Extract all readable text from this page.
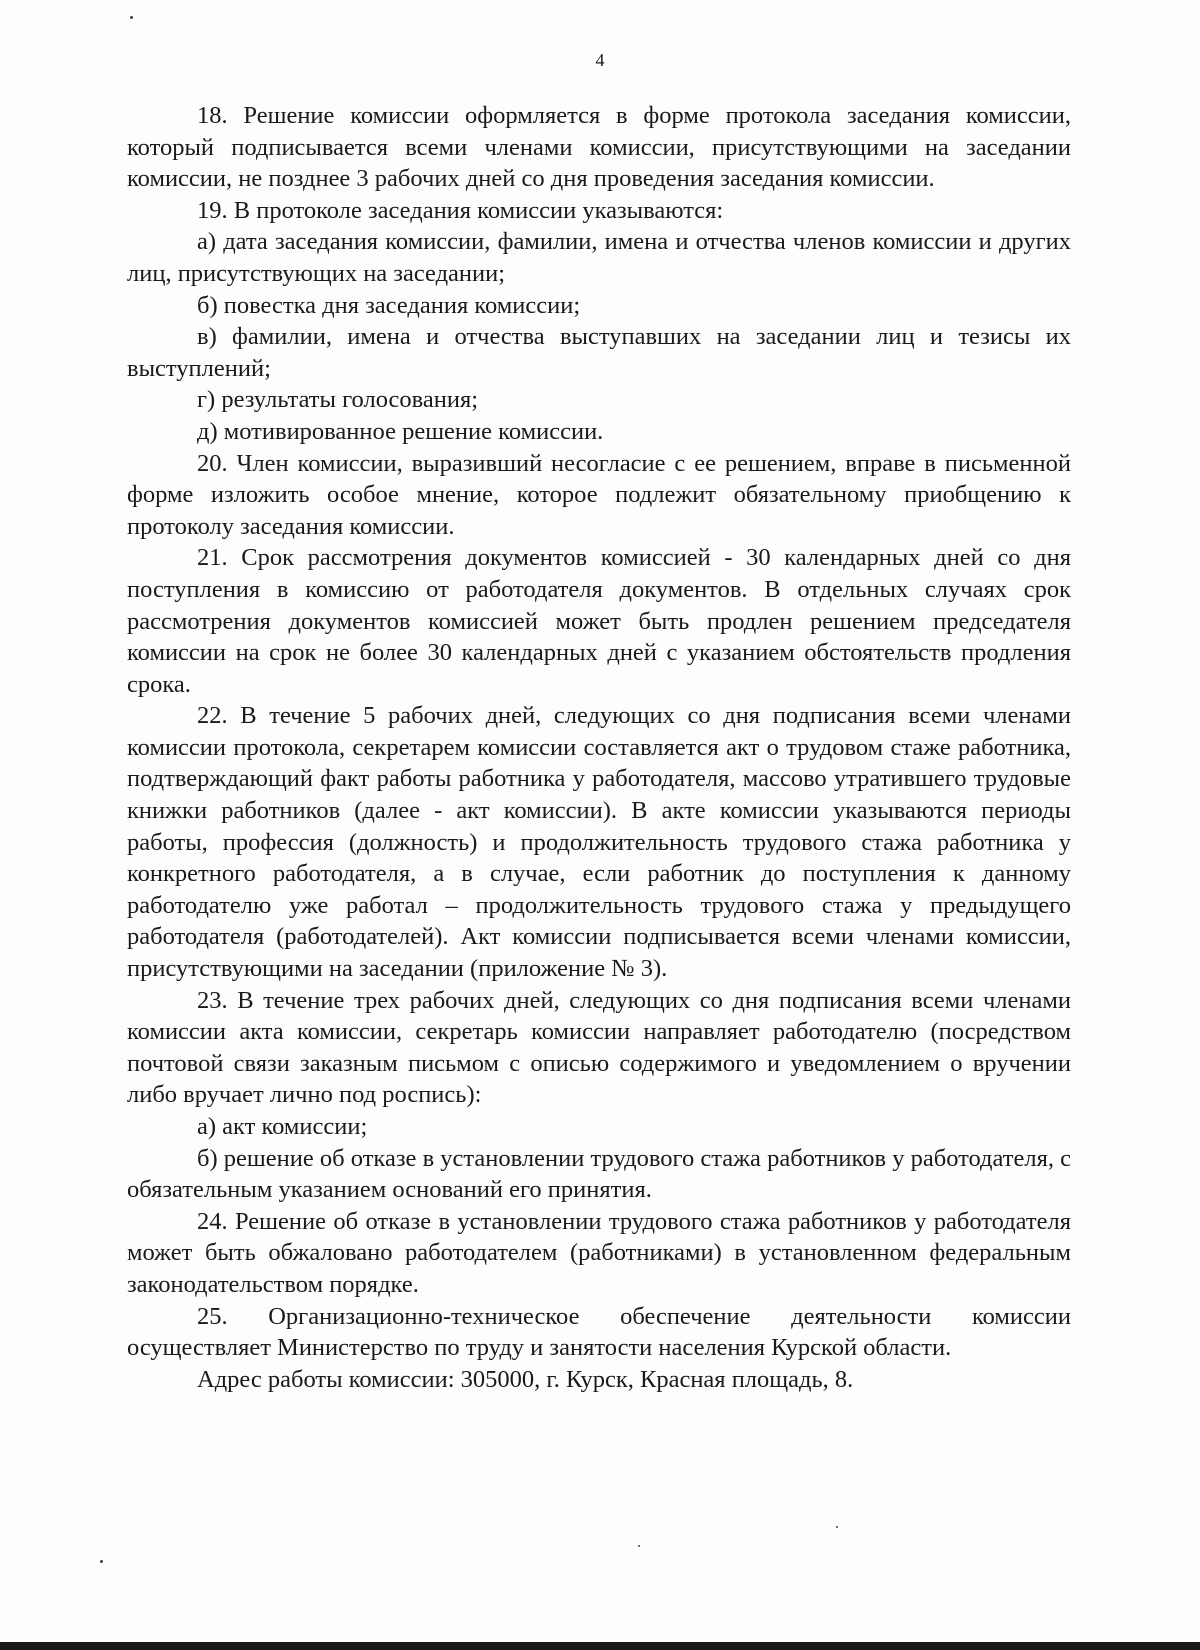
4

18. Решение комиссии оформляется в форме протокола заседания комиссии, который подписывается всеми членами комиссии, присутствующими на заседании комиссии, не позднее 3 рабочих дней со дня проведения заседания комиссии.

19. В протоколе заседания комиссии указываются:

а) дата заседания комиссии, фамилии, имена и отчества членов комиссии и других лиц, присутствующих на заседании;

б) повестка дня заседания комиссии;

в) фамилии, имена и отчества выступавших на заседании лиц и тезисы их выступлений;

г) результаты голосования;

д) мотивированное решение комиссии.

20. Член комиссии, выразивший несогласие с ее решением, вправе в письменной форме изложить особое мнение, которое подлежит обязательному приобщению к протоколу заседания комиссии.

21. Срок рассмотрения документов комиссией - 30 календарных дней со дня поступления в комиссию от работодателя документов. В отдельных случаях срок рассмотрения документов комиссией может быть продлен решением председателя комиссии на срок не более 30 календарных дней с указанием обстоятельств продления срока.

22. В течение 5 рабочих дней, следующих со дня подписания всеми членами комиссии протокола, секретарем комиссии составляется акт о трудовом стаже работника, подтверждающий факт работы работника у работодателя, массово утратившего трудовые книжки работников (далее - акт комиссии). В акте комиссии указываются периоды работы, профессия (должность) и продолжительность трудового стажа работника у конкретного работодателя, а в случае, если работник до поступления к данному работодателю уже работал – продолжительность трудового стажа у предыдущего работодателя (работодателей). Акт комиссии подписывается всеми членами комиссии, присутствующими на заседании (приложение № 3).

23. В течение трех рабочих дней, следующих со дня подписания всеми членами комиссии акта комиссии, секретарь комиссии направляет работодателю (посредством почтовой связи заказным письмом с описью содержимого и уведомлением о вручении либо вручает лично под роспись):

а) акт комиссии;

б) решение об отказе в установлении трудового стажа работников у работодателя, с обязательным указанием оснований его принятия.

24. Решение об отказе в установлении трудового стажа работников у работодателя может быть обжаловано работодателем (работниками) в установленном федеральным законодательством порядке.

25. Организационно-техническое обеспечение деятельности комиссии осуществляет Министерство по труду и занятости населения Курской области.

Адрес работы комиссии: 305000, г. Курск, Красная площадь, 8.
